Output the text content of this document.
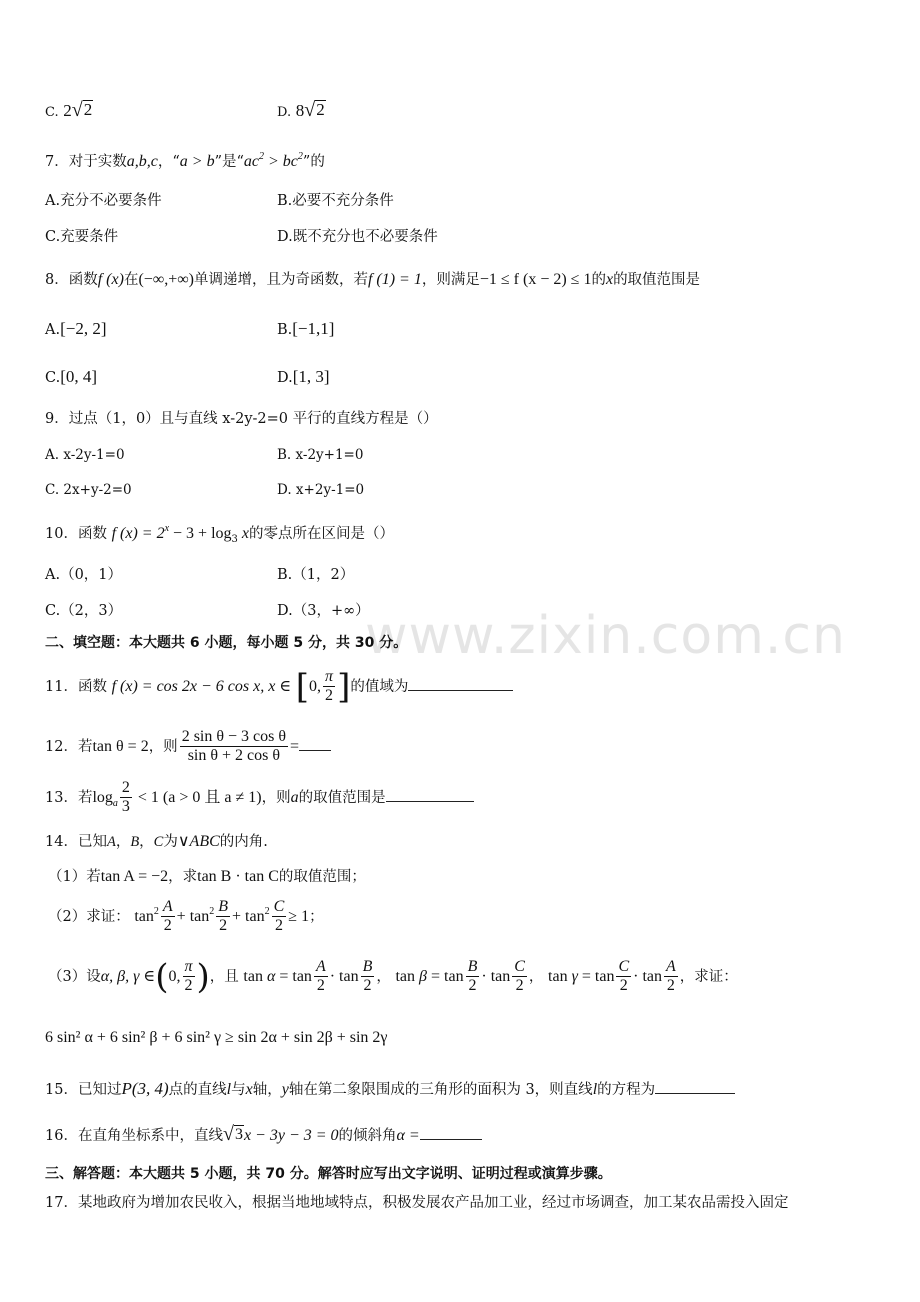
www.zixin.com.cn
C. 2 √ 2	D. 8 √ 2
7．对于实数a,b,c，“a > b”是“$ac^2 > bc^2$”的
A.充分不必要条件	B.必要不充分条件
C.充要条件	D.既不充分也不必要条件
8．函数f (x)在(−∞,+∞)单调递增，且为奇函数，若f (1) = 1，则满足−1 ≤ f (x − 2) ≤ 1的x的取值范围是
A.[−2, 2]	B.[−1,1]
C.[0, 4]	D.[1, 3]
9．过点（1，0）且与直线 x-2y-2=0 平行的直线方程是（）
A. x-2y-1=0	B. x-2y+1=0
C. 2x+y-2=0	D. x+2y-1=0
10．函数 f $(x) = 2^x - 3 + \log_3 x$的零点所在区间是（）
A.（0，1）	B.（1，2）
C.（2，3）	D.（3，+∞）
二、填空题：本大题共 6 小题，每小题 5 分，共 30 分。
11．函数 f (x) = cos 2x − 6 cos x, x ∈ [0, $\frac{\pi}{2}$ ]的值域为
12．若tan θ = 2，则 $\frac{\text{2 sin θ − 3 cos θ}}{\text{sin θ + 2 cos θ}}$ =
13．若$\log_a \frac{2}{3} < 1$ (a > 0 且 a ≠ 1)，则a的取值范围是
14．已知A，B，C为∨ABC的内角.
（1）若tan A = −2，求tan B · tan C的取值范围；
（2）求证： $\tan^2 \frac{A}{2} + \tan^2 \frac{B}{2} + \tan^2 \frac{C}{2} \ge 1$；
（3）设α, β, γ ∈(0, $\frac{\pi}{2}$ )，且 $\tan \alpha = \tan \frac{A}{2} \cdot \tan \frac{B}{2}$ ， $\tan \beta = \tan \frac{B}{2} \cdot \tan \frac{C}{2}$ ， $\tan \gamma = \tan \frac{C}{2} \cdot \tan \frac{A}{2}$ ，求证：
6 sin² α + 6 sin² β + 6 sin² γ ≥ sin 2α + sin 2β + sin 2γ
15．已知过P(3, 4)点的直线l与x轴，y轴在第二象限围成的三角形的面积为 3，则直线l的方程为
16．在直角坐标系中，直线 √ 3 x − 3y − 3 = 0的倾斜角α =
三、解答题：本大题共 5 小题，共 70 分。解答时应写出文字说明、证明过程或演算步骤。
17．某地政府为增加农民收入，根据当地地域特点，积极发展农产品加工业，经过市场调查，加工某农品需投入固定
